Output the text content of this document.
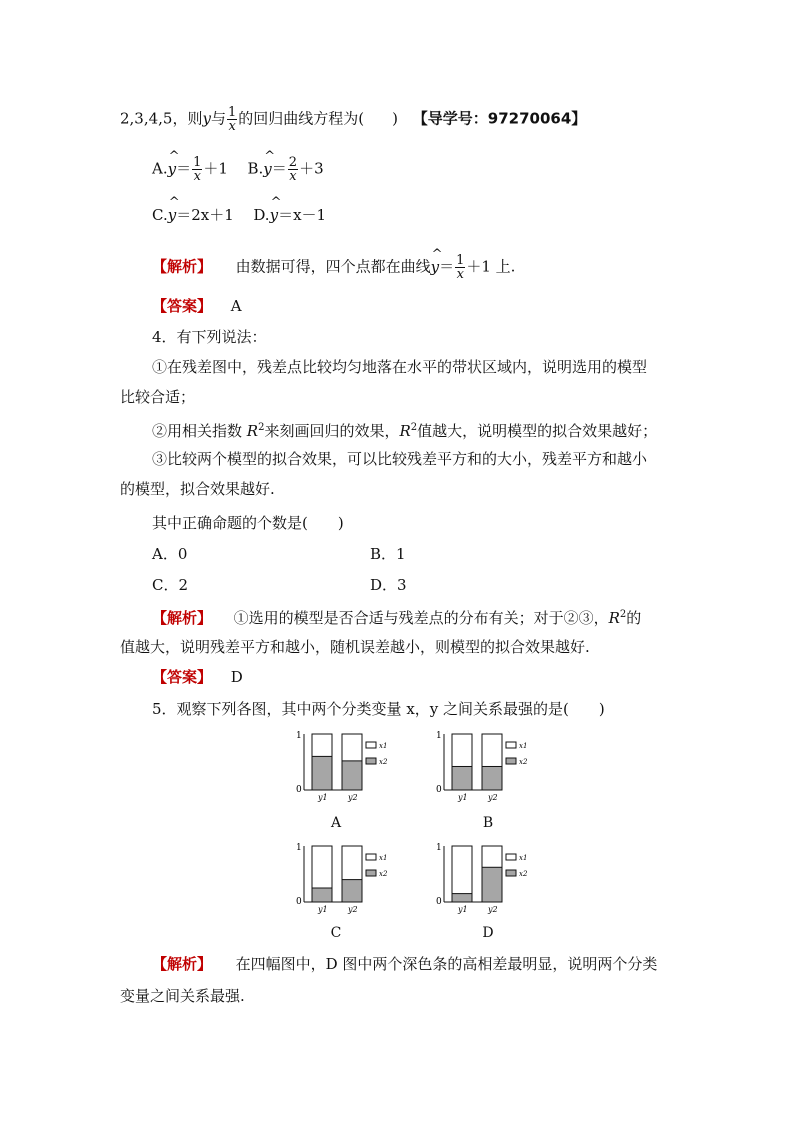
2,3,4,5，则y与 $\frac{1}{x}$ 的回归曲线方程为( ) 【导学号：97270064】
A.^ $y= \frac{1}{x} +1$ B.^ $y= \frac{2}{x} +3$
C.^ y＝2x＋1 D.^ y＝x－1
【解析】 由数据可得，四个点都在曲线^ $y= \frac{1}{x} +1$ 上.
【答案】 A
4．有下列说法：
①在残差图中，残差点比较均匀地落在水平的带状区域内，说明选用的模型
比较合适；
②用相关指数 $R^2$来刻画回归的效果，$R^2$值越大，说明模型的拟合效果越好；
③比较两个模型的拟合效果，可以比较残差平方和的大小，残差平方和越小
的模型，拟合效果越好.
其中正确命题的个数是(　　)
A．0	B．1
C．2	D．3
【解析】 ①选用的模型是否合适与残差点的分布有关；对于②③，$R^2$的
值越大，说明残差平方和越小，随机误差越小，则模型的拟合效果越好.
【答案】 D
5．观察下列各图，其中两个分类变量 x，y 之间关系最强的是(　　)
1
0
y1	y2
x1
x2
A
1
0
y1	y2
x1
x2
B
1
0
y1	y2
x1
x2
C
1
0
y1	y2
x1
x2
D
【解析】 在四幅图中，D 图中两个深色条的高相差最明显，说明两个分类
变量之间关系最强.
